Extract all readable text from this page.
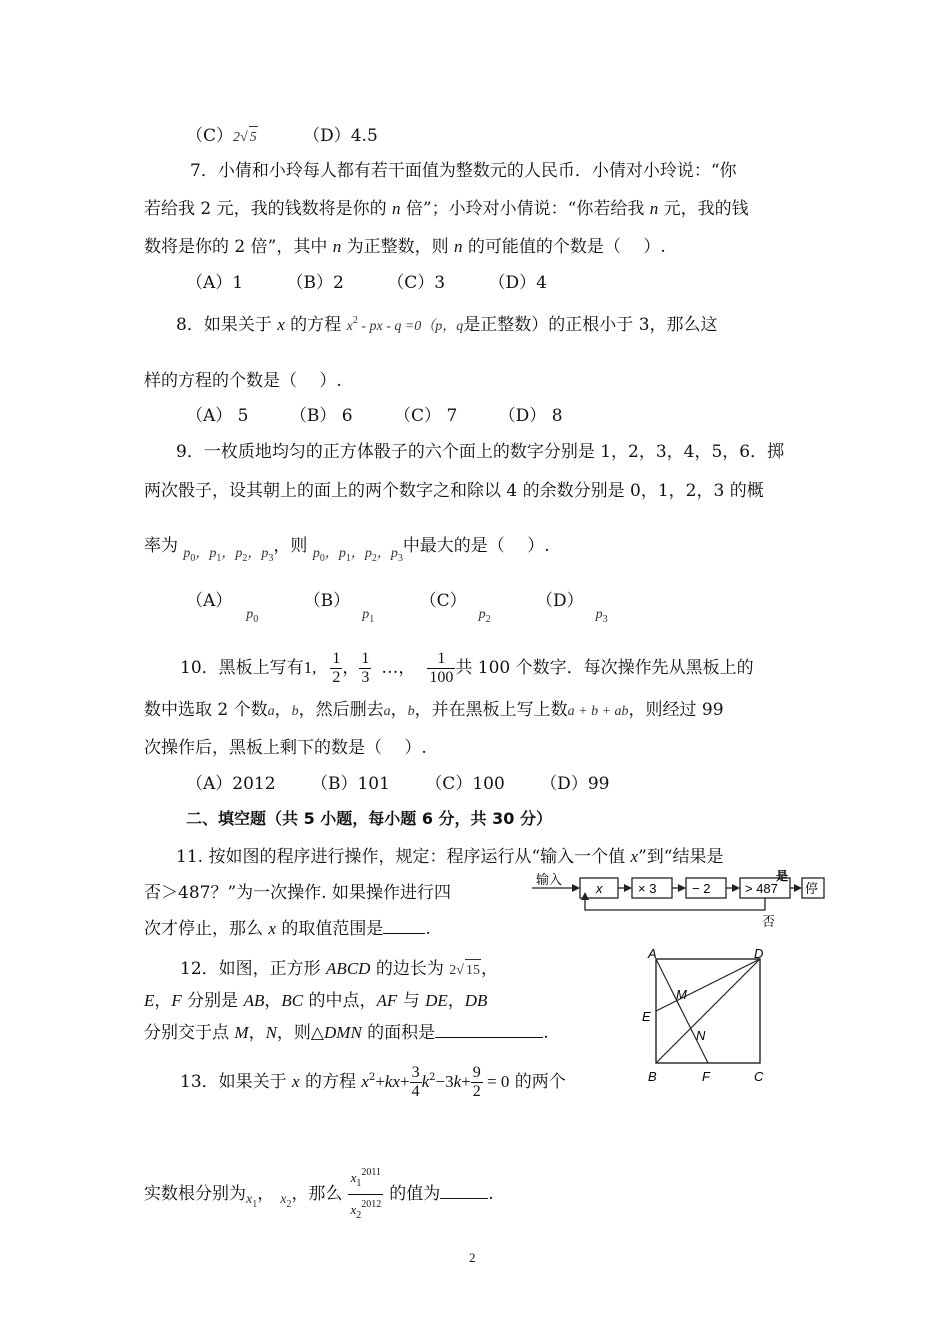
（C）2√ 5	（D）4.5
7．小倩和小玲每人都有若干面值为整数元的人民币．小倩对小玲说：“你
若给我 2 元，我的钱数将是你的 n 倍”；小玲对小倩说：“你若给我 n 元，我的钱
数将是你的 2 倍”，其中 n 为正整数，则 n 的可能值的个数是（　 ）.
（A）1	（B）2	（C）3	（D）4
8．如果关于 x 的方程 $x^2$ - px - q =0（p，q是正整数）的正根小于 3，那么这
样的方程的个数是（　 ）.
（A） 5 （B） 6 （C） 7 （D） 8
9．一枚质地均匀的正方体骰子的六个面上的数字分别是 1，2，3，4，5，6．掷
两次骰子，设其朝上的面上的两个数字之和除以 4 的余数分别是 0，1，2，3 的概
率为 $_{p_0,p_1,p_2,p_3}$，则 $_{p_0,p_1,p_2,p_3}$中最大的是（　 ）.
$(A)_{p_0}$ $(B)_{p_1}$ $(C)_{p_2}$ $(D)_{p_3}$
10．黑板上写有1, $\frac{1}{2}$ ， $\frac{1}{3}$ …， $\frac{1}{100}$ 共 100 个数字．每次操作先从黑板上的
数中选取 2 个数a，b，然后删去a，b，并在黑板上写上数a + b + ab，则经过 99
次操作后，黑板上剩下的数是（　 ）.
（A）2012 （B）101 （C）100 （D）99
二、填空题（共 5 小题，每小题 6 分，共 30 分）
11. 按如图的程序进行操作，规定：程序运行从“输入一个值 x”到“结果是
否＞487？”为一次操作. 如果操作进行四
次才停止，那么 x 的取值范围是 .
输入
x	× 3	− 2	> 487
是
停
否
12．如图，正方形 ABCD 的边长为 2√ 15，
E，F 分别是 AB，BC 的中点，AF 与 DE，DB
分别交于点 M，N，则△DMN 的面积是	.
A	D
M
E
N
B	F	C
13．如果关于 x 的方程 $x^2+kx+ \frac{3}{4} k^2-3k+ \frac{9}{2} = 0$ 的两个
实数根分别为$_{x_1}$， $_{x_2}$，那么 $\frac{x_1^{2011}}{x_2^{2012}}$ 的值为	.
2
